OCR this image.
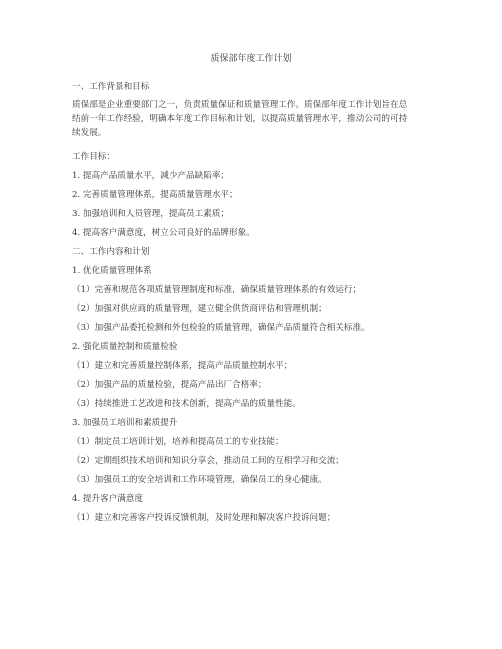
质保部年度工作计划
一、工作背景和目标
质保部是企业重要部门之一，负责质量保证和质量管理工作。质保部年度工作计划旨在总
结前一年工作经验，明确本年度工作目标和计划，以提高质量管理水平，推动公司的可持
续发展。
工作目标：
1. 提高产品质量水平，减少产品缺陷率；
2. 完善质量管理体系，提高质量管理水平；
3. 加强培训和人员管理，提高员工素质；
4. 提高客户满意度，树立公司良好的品牌形象。
二、工作内容和计划
1. 优化质量管理体系
（1）完善和规范各项质量管理制度和标准，确保质量管理体系的有效运行；
（2）加强对供应商的质量管理，建立健全供货商评估和管理机制；
（3）加强产品委托检测和外包检验的质量管理，确保产品质量符合相关标准。
2. 强化质量控制和质量检验
（1）建立和完善质量控制体系，提高产品质量控制水平；
（2）加强产品的质量检验，提高产品出厂合格率；
（3）持续推进工艺改进和技术创新，提高产品的质量性能。
3. 加强员工培训和素质提升
（1）制定员工培训计划，培养和提高员工的专业技能；
（2）定期组织技术培训和知识分享会，推动员工间的互相学习和交流；
（3）加强员工的安全培训和工作环境管理，确保员工的身心健康。
4. 提升客户满意度
（1）建立和完善客户投诉反馈机制，及时处理和解决客户投诉问题；
